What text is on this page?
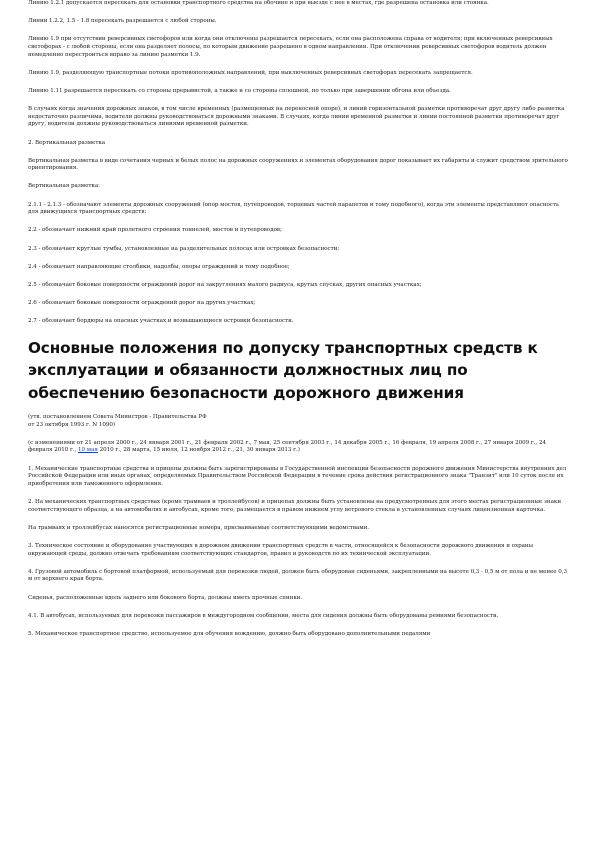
Линию 1.2.1 допускается пересекать для остановки транспортного средства на обочине и при выезде с нее в местах, где разрешена остановка или стоянка.

Линии 1.2.2, 1.5 - 1.8 пересекать разрешается с любой стороны.

Линию 1.9 при отсутствии реверсивных светофоров или когда они отключены разрешается пересекать, если она расположена справа от водителя; при включенных реверсивных светофорах - с любой стороны, если она разделяет полосы, по которым движение разрешено в одном направлении. При отключении реверсивных светофоров водитель должен немедленно перестроиться вправо за линию разметки 1.9.

Линию 1.9, разделяющую транспортные потоки противоположных направлений, при выключенных реверсивных светофорах пересекать запрещается.

Линию 1.11 разрешается пересекать со стороны прерывистой, а также и со стороны сплошной, но только при завершении обгона или объезда.

В случаях когда значения дорожных знаков, в том числе временных (размещенных на переносной опоре), и линий горизонтальной разметки противоречат друг другу либо разметка недостаточно различима, водители должны руководствоваться дорожными знаками. В случаях, когда линии временной разметки и линии постоянной разметки противоречат друг другу, водители должны руководствоваться линиями временной разметки.

2. Вертикальная разметка

Вертикальная разметка в виде сочетания черных и белых полос на дорожных сооружениях и элементах оборудования дорог показывает их габариты и служит средством зрительного ориентирования.

Вертикальная разметка:

2.1.1 - 2.1.3 - обозначают элементы дорожных сооружений (опор мостов, путепроводов, торцевых частей парапетов и тому подобного), когда эти элементы представляют опасность для движущихся транспортных средств;

2.2 - обозначает нижний край пролетного строения тоннелей, мостов и путепроводов;

2.3 - обозначает круглые тумбы, установленные на разделительных полосах или островках безопасности;

2.4 - обозначает направляющие столбики, надолбы, опоры ограждений и тому подобное;

2.5 - обозначает боковые поверхности ограждений дорог на закруглениях малого радиуса, крутых спусках, других опасных участках;

2.6 - обозначает боковые поверхности ограждений дорог на других участках;

2.7 - обозначает бордюры на опасных участках и возвышающиеся островки безопасности.

Основные положения по допуску транспортных средств к эксплуатации и обязанности должностных лиц по обеспечению безопасности дорожного движения

(утв. постановлением Совета Министров - Правительства РФ
от 23 октября 1993 г. N 1090)

(с изменениями от 21 апреля 2000 г., 24 января 2001 г., 21 февраля 2002 г., 7 мая, 25 сентября 2003 г., 14 декабря 2005 г., 16 февраля, 19 апреля 2008 г., 27 января 2009 г., 24 февраля 2010 г., 10 мая 2010 г., 28 марта, 15 июля, 12 ноября 2012 г., 21, 30 января 2013 г.)

1. Механические транспортные средства и прицепы должны быть зарегистрированы в Государственной инспекции безопасности дорожного движения Министерства внутренних дел Российской Федерации или иных органах, определяемых Правительством Российской Федерации в течение срока действия регистрационного знака "Транзит" или 10 суток после их приобретения или таможенного оформления.

2. На механических транспортных средствах (кроме трамваев и троллейбусов) и прицепах должны быть установлены на предусмотренных для этого местах регистрационные знаки соответствующего образца, а на автомобилях и автобусах, кроме того, размещается в правом нижнем углу ветрового стекла в установленных случаях лицензионная карточка.

На трамваях и троллейбусах наносятся регистрационные номера, присваиваемые соответствующими ведомствами.

3. Техническое состояние и оборудование участвующих в дорожном движении транспортных средств в части, относящейся к безопасности дорожного движения и охраны окружающей среды, должно отвечать требованиям соответствующих стандартов, правил и руководств по их технической эксплуатации.

4. Грузовой автомобиль с бортовой платформой, используемый для перевозки людей, должен быть оборудован сиденьями, закрепленными на высоте 0,3 - 0,5 м от пола и не менее 0,3 м от верхнего края борта.

Сиденья, расположенные вдоль заднего или бокового борта, должны иметь прочные спинки.

4.1. В автобусах, используемых для перевозки пассажиров в междугородном сообщении, места для сидения должны быть оборудованы ремнями безопасности.

5. Механическое транспортное средство, используемое для обучения вождению, должно быть оборудовано дополнительными педалями
